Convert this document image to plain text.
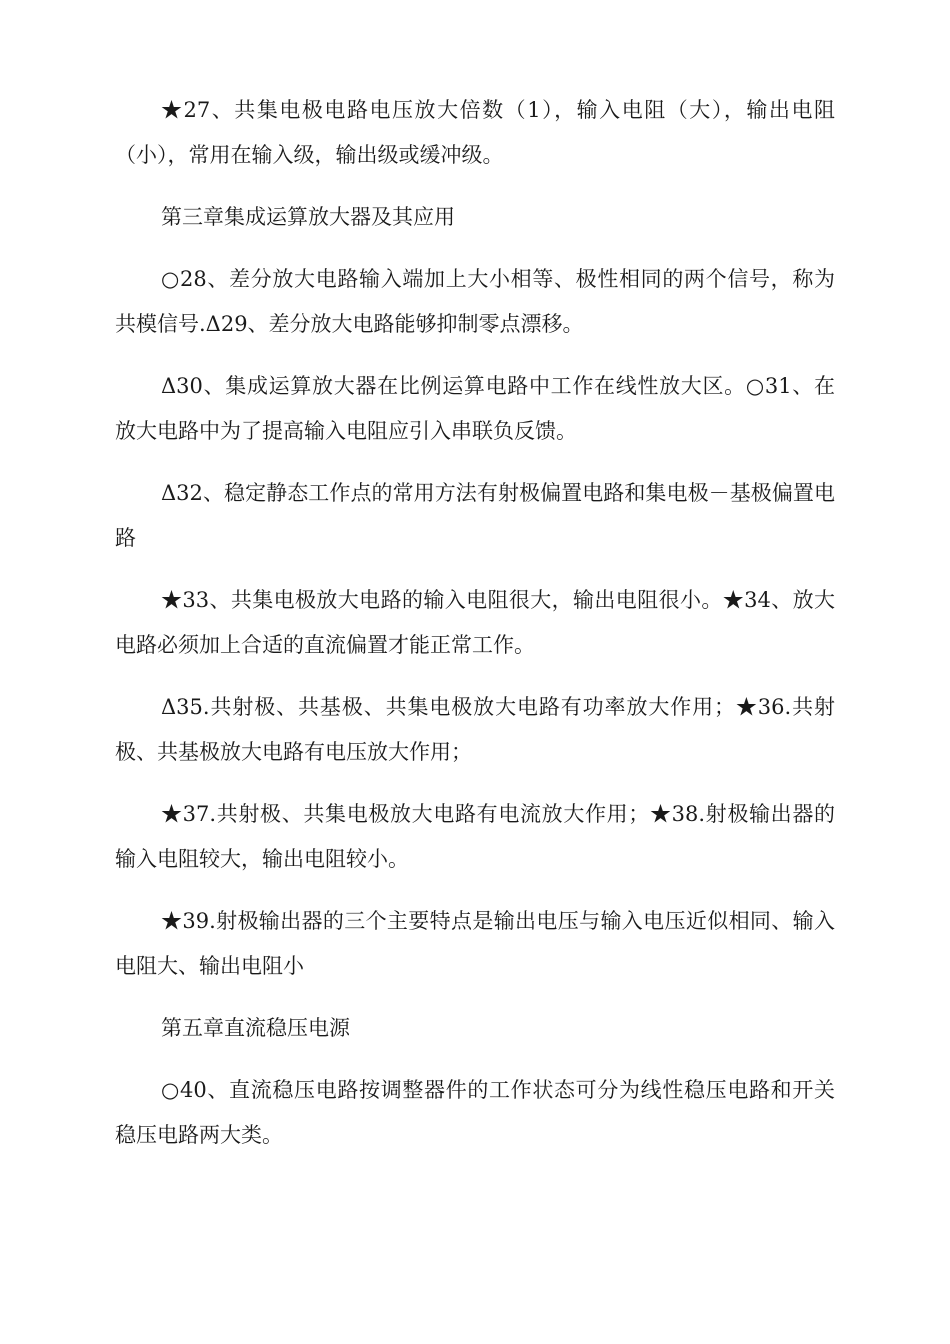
★27、共集电极电路电压放大倍数（1），输入电阻（大），输出电阻（小），常用在输入级，输出级或缓冲级。

第三章集成运算放大器及其应用

○28、差分放大电路输入端加上大小相等、极性相同的两个信号，称为共模信号.Δ29、差分放大电路能够抑制零点漂移。

Δ30、集成运算放大器在比例运算电路中工作在线性放大区。○31、在放大电路中为了提高输入电阻应引入串联负反馈。

Δ32、稳定静态工作点的常用方法有射极偏置电路和集电极－基极偏置电路

★33、共集电极放大电路的输入电阻很大，输出电阻很小。★34、放大电路必须加上合适的直流偏置才能正常工作。

Δ35.共射极、共基极、共集电极放大电路有功率放大作用；★36.共射极、共基极放大电路有电压放大作用；

★37.共射极、共集电极放大电路有电流放大作用；★38.射极输出器的输入电阻较大，输出电阻较小。

★39.射极输出器的三个主要特点是输出电压与输入电压近似相同、输入电阻大、输出电阻小

第五章直流稳压电源

○40、直流稳压电路按调整器件的工作状态可分为线性稳压电路和开关稳压电路两大类。
